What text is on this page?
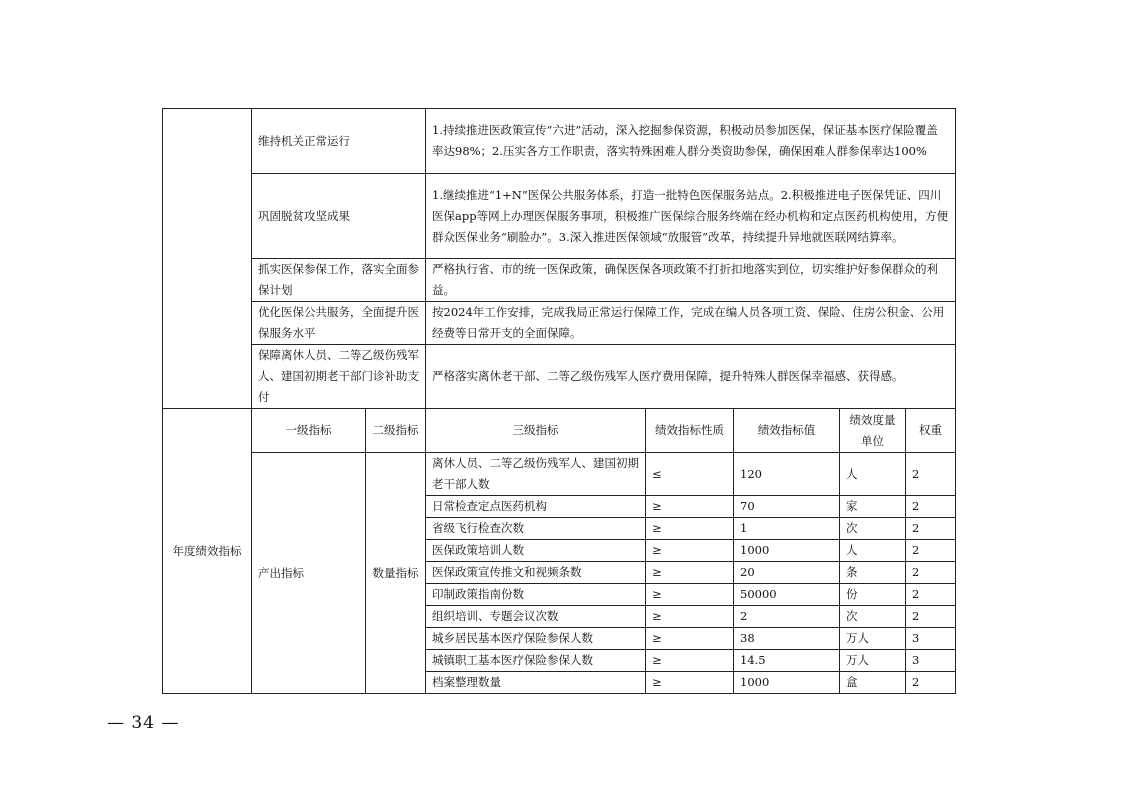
	维持机关正常运行		1.持续推进医政策宣传“六进”活动，深入挖掘参保资源，积极动员参加医保，保证基本医疗保险覆盖率达98%；2.压实各方工作职责，落实特殊困难人群分类资助参保，确保困难人群参保率达100%				
	巩固脱贫攻坚成果		1.继续推进“1+N”医保公共服务体系，打造一批特色医保服务站点。2.积极推进电子医保凭证、四川医保app等网上办理医保服务事项，积极推广医保综合服务终端在经办机构和定点医药机构使用，方便群众医保业务“刷脸办”。3.深入推进医保领域“放服管”改革，持续提升异地就医联网结算率。				
	抓实医保参保工作，落实全面参保计划		严格执行省、市的统一医保政策，确保医保各项政策不打折扣地落实到位，切实维护好参保群众的利益。				
	优化医保公共服务，全面提升医保服务水平		按2024年工作安排，完成我局正常运行保障工作，完成在编人员各项工资、保险、住房公积金、公用经费等日常开支的全面保障。				
	保障离休人员、二等乙级伤残军人、建国初期老干部门诊补助支付		严格落实离休老干部、二等乙级伤残军人医疗费用保障，提升特殊人群医保幸福感、获得感。				
年度绩效指标	一级指标	二级指标	三级指标	绩效指标性质	绩效指标值	绩效度量单位	权重
	产出指标	数量指标	离休人员、二等乙级伤残军人、建国初期老干部人数	≤	120	人	2
			日常检查定点医药机构	≥	70	家	2
			省级飞行检查次数	≥	1	次	2
			医保政策培训人数	≥	1000	人	2
			医保政策宣传推文和视频条数	≥	20	条	2
			印制政策指南份数	≥	50000	份	2
			组织培训、专题会议次数	≥	2	次	2
			城乡居民基本医疗保险参保人数	≥	38	万人	3
			城镇职工基本医疗保险参保人数	≥	14.5	万人	3
			档案整理数量	≥	1000	盒	2
— 34 —
